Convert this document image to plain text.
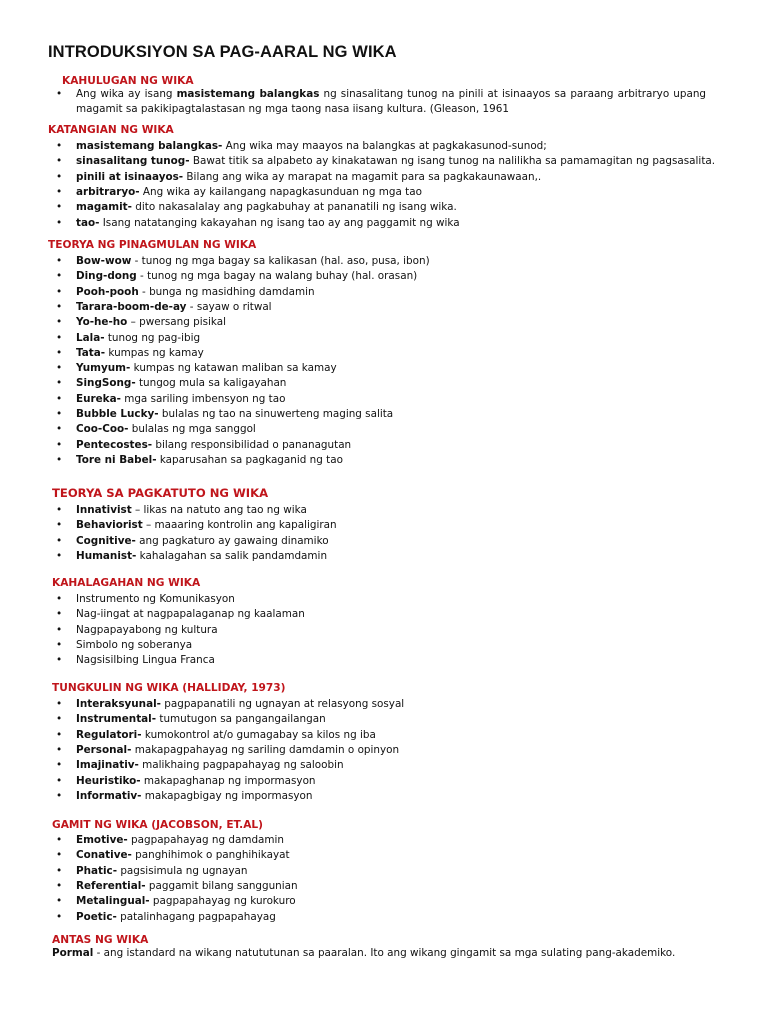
INTRODUKSIYON SA PAG-AARAL NG WIKA
KAHULUGAN NG WIKA
•	Ang wika ay isang masistemang balangkas ng sinasalitang tunog na pinili at isinaayos sa paraang arbitraryo upang
magamit sa pakikipagtalastasan ng mga taong nasa iisang kultura. (Gleason, 1961
KATANGIAN NG WIKA
•	masistemang balangkas- Ang wika may maayos na balangkas at pagkakasunod-sunod;
•	sinasalitang tunog- Bawat titik sa alpabeto ay kinakatawan ng isang tunog na nalilikha sa pamamagitan ng pagsasalita.
•	pinili at isinaayos- Bilang ang wika ay marapat na magamit para sa pagkakaunawaan,.
•	arbitraryo- Ang wika ay kailangang napagkasunduan ng mga tao
•	magamit- dito nakasalalay ang pagkabuhay at pananatili ng isang wika.
•	tao- Isang natatanging kakayahan ng isang tao ay ang paggamit ng wika
TEORYA NG PINAGMULAN NG WIKA
•	Bow-wow - tunog ng mga bagay sa kalikasan (hal. aso, pusa, ibon)
•	Ding-dong - tunog ng mga bagay na walang buhay (hal. orasan)
•	Pooh-pooh - bunga ng masidhing damdamin
•	Tarara-boom-de-ay - sayaw o ritwal
•	Yo-he-ho – pwersang pisikal
•	Lala- tunog ng pag-ibig
•	Tata- kumpas ng kamay
•	Yumyum- kumpas ng katawan maliban sa kamay
•	SingSong- tungog mula sa kaligayahan
•	Eureka- mga sariling imbensyon ng tao
•	Bubble Lucky- bulalas ng tao na sinuwerteng maging salita
•	Coo-Coo- bulalas ng mga sanggol
•	Pentecostes- bilang responsibilidad o pananagutan
•	Tore ni Babel- kaparusahan sa pagkaganid ng tao
TEORYA SA PAGKATUTO NG WIKA
•	Innativist – likas na natuto ang tao ng wika
•	Behaviorist – maaaring kontrolin ang kapaligiran
•	Cognitive- ang pagkaturo ay gawaing dinamiko
•	Humanist- kahalagahan sa salik pandamdamin
KAHALAGAHAN NG WIKA
•	Instrumento ng Komunikasyon
•	Nag-iingat at nagpapalaganap ng kaalaman
•	Nagpapayabong ng kultura
•	Simbolo ng soberanya
•	Nagsisilbing Lingua Franca
TUNGKULIN NG WIKA (HALLIDAY, 1973)
•	Interaksyunal- pagpapanatili ng ugnayan at relasyong sosyal
•	Instrumental- tumutugon sa pangangailangan
•	Regulatori- kumokontrol at/o gumagabay sa kilos ng iba
•	Personal- makapagpahayag ng sariling damdamin o opinyon
•	Imajinativ- malikhaing pagpapahayag ng saloobin
•	Heuristiko- makapaghanap ng impormasyon
•	Informativ- makapagbigay ng impormasyon
GAMIT NG WIKA (JACOBSON, ET.AL)
•	Emotive- pagpapahayag ng damdamin
•	Conative- panghihimok o panghihikayat
•	Phatic- pagsisimula ng ugnayan
•	Referential- paggamit bilang sanggunian
•	Metalingual- pagpapahayag ng kurokuro
•	Poetic- patalinhagang pagpapahayag
ANTAS NG WIKA
Pormal - ang istandard na wikang natututunan sa paaralan. Ito ang wikang gingamit sa mga sulating pang-akademiko.
